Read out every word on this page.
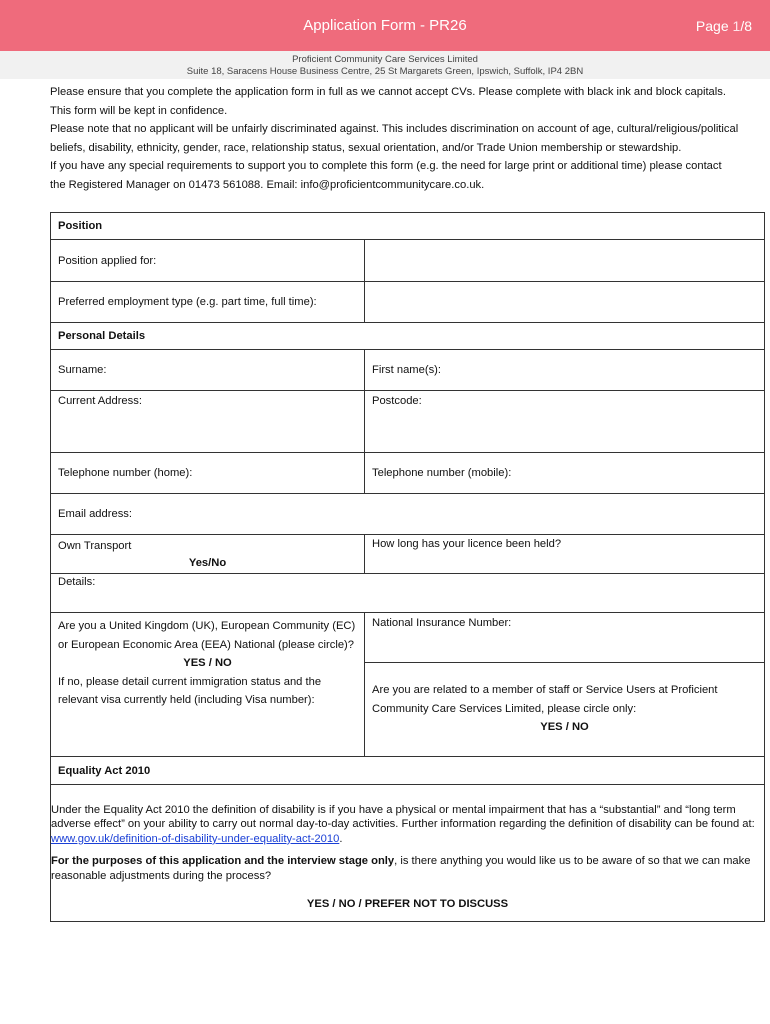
Application Form - PR26	Page 1/8
Proficient Community Care Services Limited
Suite 18, Saracens House Business Centre, 25 St Margarets Green, Ipswich, Suffolk, IP4 2BN

Please ensure that you complete the application form in full as we cannot accept CVs. Please complete with black ink and block capitals. This form will be kept in confidence.

Please note that no applicant will be unfairly discriminated against. This includes discrimination on account of age, cultural/religious/political beliefs, disability, ethnicity, gender, race, relationship status, sexual orientation, and/or Trade Union membership or stewardship.

If you have any special requirements to support you to complete this form (e.g. the need for large print or additional time) please contact the Registered Manager on 01473 561088. Email: info@proficientcommunitycare.co.uk.

Position	
Position applied for:	
Preferred employment type (e.g. part time, full time):	
Personal Details	
Surname:	First name(s):
Current Address:	Postcode:
Telephone number (home):	Telephone number (mobile):
Email address:	

Own Transport
Yes/No	How long has your licence been held?
Details:	

Are you a United Kingdom (UK), European Community (EC) or European Economic Area (EEA) National (please circle)?
YES / NO
If no, please detail current immigration status and the relevant visa currently held (including Visa number):	National Insurance Number:

	Are you are related to a member of staff or Service Users at Proficient Community Care Services Limited, please circle only:
YES / NO

Equality Act 2010	

Under the Equality Act 2010 the definition of disability is if you have a physical or mental impairment that has a “substantial” and “long term adverse effect” on your ability to carry out normal day-to-day activities. Further information regarding the definition of disability can be found at: www.gov.uk/definition-of-disability-under-equality-act-2010.

For the purposes of this application and the interview stage only, is there anything you would like us to be aware of so that we can make reasonable adjustments during the process?

YES / NO / PREFER NOT TO DISCUSS	
